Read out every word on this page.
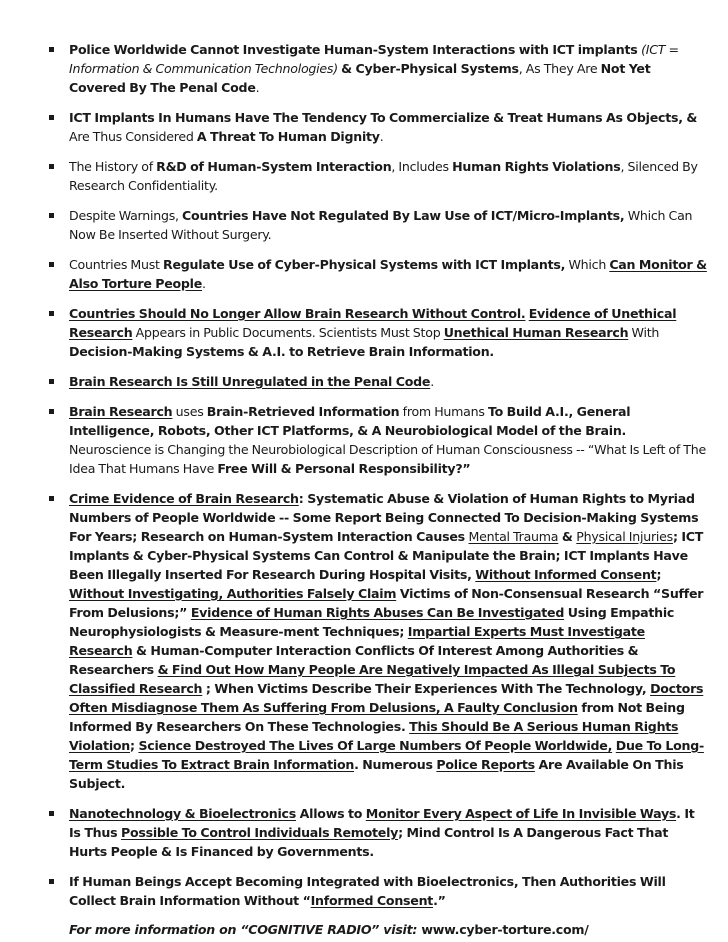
Police Worldwide Cannot Investigate Human-System Interactions with ICT implants (ICT = Information & Communication Technologies) & Cyber-Physical Systems, As They Are Not Yet Covered By The Penal Code.
ICT Implants In Humans Have The Tendency To Commercialize & Treat Humans As Objects, & Are Thus Considered A Threat To Human Dignity.
The History of R&D of Human-System Interaction, Includes Human Rights Violations, Silenced By Research Confidentiality.
Despite Warnings, Countries Have Not Regulated By Law Use of ICT/Micro-Implants, Which Can Now Be Inserted Without Surgery.
Countries Must Regulate Use of Cyber-Physical Systems with ICT Implants, Which Can Monitor & Also Torture People.
Countries Should No Longer Allow Brain Research Without Control. Evidence of Unethical Research Appears in Public Documents. Scientists Must Stop Unethical Human Research With Decision-Making Systems & A.I. to Retrieve Brain Information.
Brain Research Is Still Unregulated in the Penal Code.
Brain Research uses Brain-Retrieved Information from Humans To Build A.I., General Intelligence, Robots, Other ICT Platforms, & A Neurobiological Model of the Brain. Neuroscience is Changing the Neurobiological Description of Human Consciousness -- “What Is Left of The Idea That Humans Have Free Will & Personal Responsibility?”
Crime Evidence of Brain Research: Systematic Abuse & Violation of Human Rights to Myriad Numbers of People Worldwide -- Some Report Being Connected To Decision-Making Systems For Years; Research on Human-System Interaction Causes Mental Trauma & Physical Injuries; ICT Implants & Cyber-Physical Systems Can Control & Manipulate the Brain; ICT Implants Have Been Illegally Inserted For Research During Hospital Visits, Without Informed Consent; Without Investigating, Authorities Falsely Claim Victims of Non-Consensual Research “Suffer From Delusions;” Evidence of Human Rights Abuses Can Be Investigated Using Empathic Neurophysiologists & Measure-ment Techniques; Impartial Experts Must Investigate Research & Human-Computer Interaction Conflicts Of Interest Among Authorities & Researchers & Find Out How Many People Are Negatively Impacted As Illegal Subjects To Classified Research ; When Victims Describe Their Experiences With The Technology, Doctors Often Misdiagnose Them As Suffering From Delusions, A Faulty Conclusion from Not Being Informed By Researchers On These Technologies. This Should Be A Serious Human Rights Violation; Science Destroyed The Lives Of Large Numbers Of People Worldwide, Due To Long-Term Studies To Extract Brain Information. Numerous Police Reports Are Available On This Subject.
Nanotechnology & Bioelectronics Allows to Monitor Every Aspect of Life In Invisible Ways. It Is Thus Possible To Control Individuals Remotely; Mind Control Is A Dangerous Fact That Hurts People & Is Financed by Governments.
If Human Beings Accept Becoming Integrated with Bioelectronics, Then Authorities Will Collect Brain Information Without “Informed Consent.”
For more information on “COGNITIVE RADIO” visit: www.cyber-torture.com/
